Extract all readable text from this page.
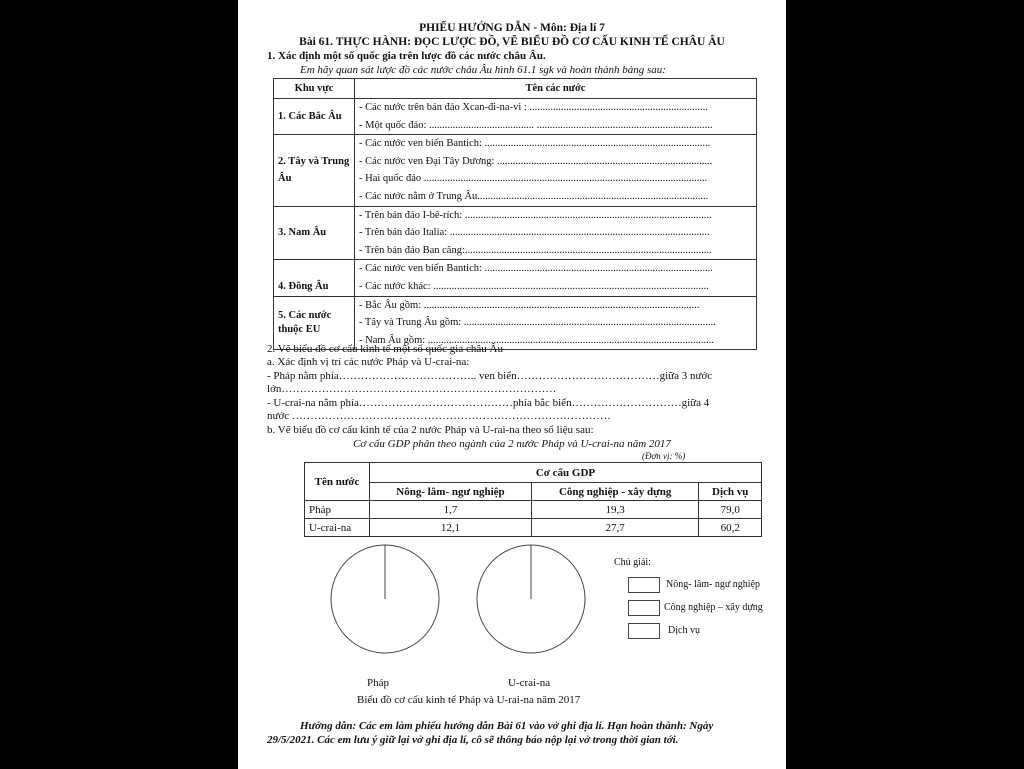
PHIẾU HƯỚNG DẪN - Môn: Địa lí 7
Bài 61. THỰC HÀNH: ĐỌC LƯỢC ĐỒ, VẼ BIỂU ĐỒ CƠ CẤU KINH TẾ CHÂU ÂU
1. Xác định một số quốc gia trên lược đồ các nước châu Âu.
Em hãy quan sát lược đồ các nước châu Âu hình 61.1 sgk và hoàn thành bảng sau:
Khu vực	Tên các nước
1. Các Bắc Âu	- Các nước trên bán đảo Xcan-đi-na-vi : ....................................................................
- Một quốc đảo: ........................................ ...................................................................

2. Tây và Trung Âu	- Các nước ven biển Bantich: ......................................................................................
- Các nước ven Đại Tây Dương: ..................................................................................
- Hai quốc đảo ............................................................................................................
- Các nước nằm ở Trung Âu........................................................................................

3. Nam Âu	- Trên bán đảo I-bê-rích: ..............................................................................................
- Trên bán đảo Italia: ...................................................................................................
- Trên bán đảo Ban căng:..............................................................................................

4. Đông Âu	- Các nước ven biển Bantich: .......................................................................................
- Các nước khác: .........................................................................................................

5. Các nước thuộc EU	- Bắc Âu gồm: .........................................................................................................
- Tây và Trung Âu gồm: ................................................................................................
- Nam Âu gồm: .............................................................................................................
2. Vẽ biểu đồ cơ cấu kinh tế một số quốc gia châu Âu
a. Xác định vị trí các nước Pháp và U-crai-na:
- Pháp nằm phía……………………………….. ven biển…………………………………giữa 3 nước
lớn…………………………………………………………………
- U-crai-na nằm phía……………………………………phía bắc biển…………………………giữa 4
nước ……………………………………………………………………………
b. Vẽ biểu đồ cơ cấu kinh tế của 2 nước Pháp và U-rai-na theo số liệu sau:
Cơ cấu GDP phân theo ngành của 2 nước Pháp và U-crai-na năm 2017
(Đơn vị: %)
Tên nước	Cơ cấu GDP		
	Nông- lâm- ngư nghiệp	Công nghiệp - xây dựng	Dịch vụ
Pháp	1,7	19,3	79,0
U-crai-na	12,1	27,7	60,2
Pháp	U-crai-na
Biểu đồ cơ cấu kinh tế Pháp và U-rai-na năm 2017
Chú giải:
Nông- lâm- ngư nghiệp
Công nghiệp – xây dựng
Dịch vụ
Hướng dẫn: Các em làm phiếu hướng dẫn Bài 61 vào vở ghi địa lí. Hạn hoàn thành: Ngày
29/5/2021. Các em lưu ý giữ lại vở ghi địa lí, cô sẽ thông báo nộp lại vở trong thời gian tới.
